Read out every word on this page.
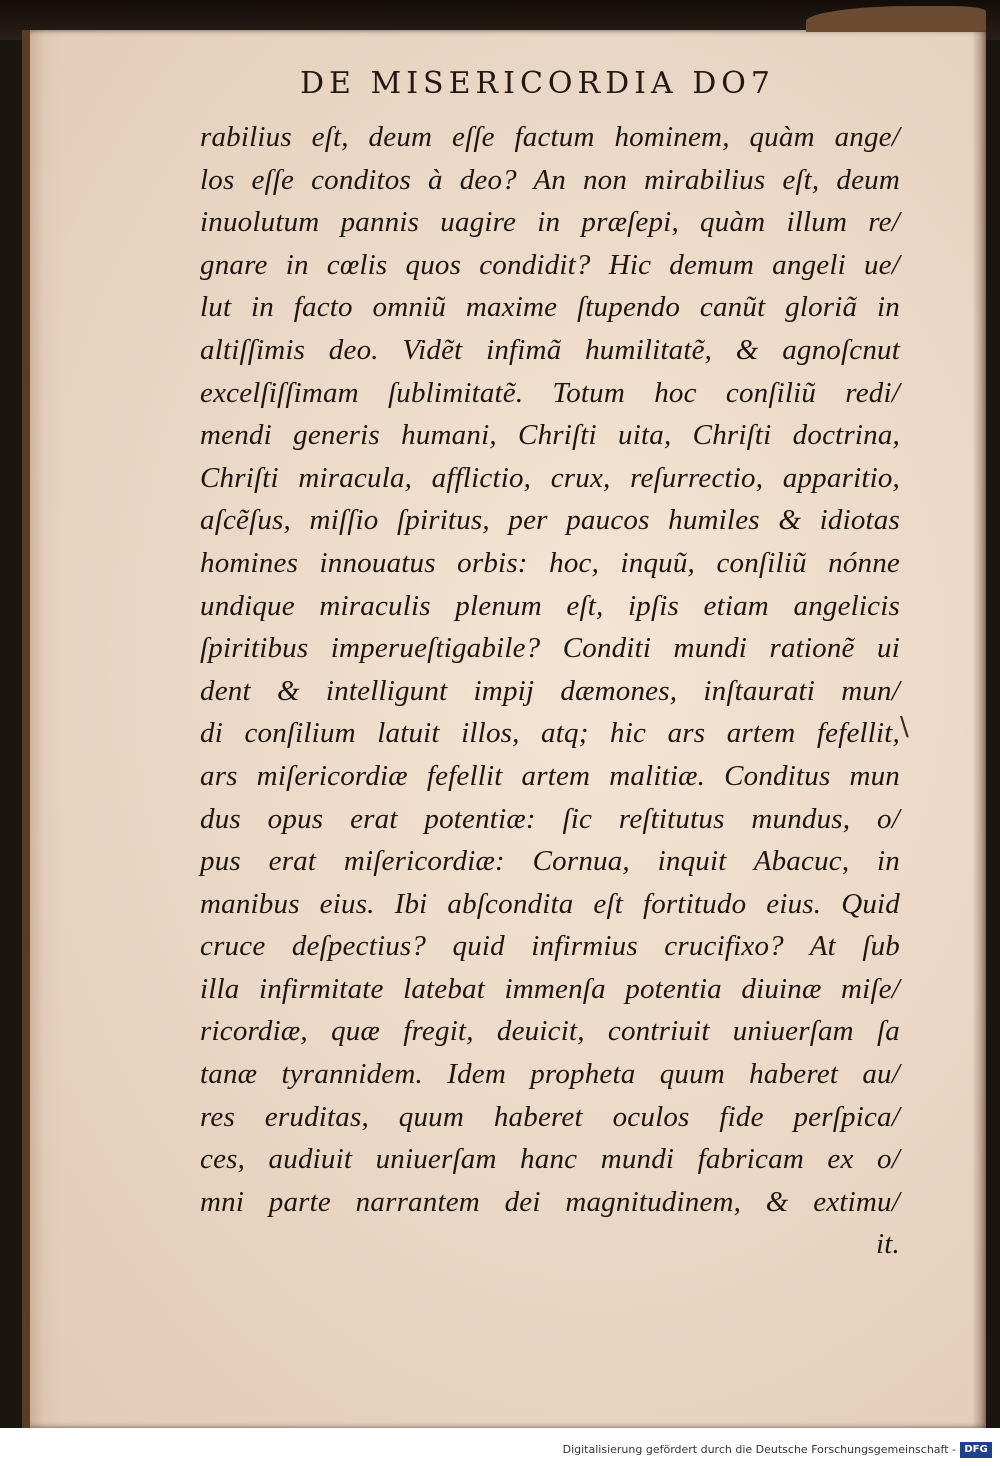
DE MISERICORDIA DO7
rabilius eſt, deum eſſe factum hominem, quàm ange/
los eſſe conditos à deo? An non mirabilius eſt, deum
inuolutum pannis uagire in præſepi, quàm illum re/
gnare in cœlis quos condidit? Hic demum angeli ue/
lut in facto omniũ maxime ſtupendo canũt gloriã in
altiſſimis deo. Vidẽt infimã humilitatẽ, & agnoſcnut
excelſiſſimam ſublimitatẽ. Totum hoc conſiliũ redi/
mendi generis humani, Chriſti uita, Chriſti doctrina,
Chriſti miracula, afflictio, crux, reſurrectio, apparitio,
aſcẽſus, miſſio ſpiritus, per paucos humiles & idiotas
homines innouatus orbis: hoc, inquũ, conſiliũ nónne
undique miraculis plenum eſt, ipſis etiam angelicis
ſpiritibus imperueſtigabile? Conditi mundi rationẽ ui
dent & intelligunt impij dæmones, inſtaurati mun/
di conſilium latuit illos, atq; hic ars artem fefellit,
ars miſericordiæ fefellit artem malitiæ. Conditus mun
dus opus erat potentiæ: ſic reſtitutus mundus, o/
pus erat miſericordiæ: Cornua, inquit Abacuc, in
manibus eius. Ibi abſcondita eſt fortitudo eius. Quid
cruce deſpectius? quid infirmius crucifixo? At ſub
illa infirmitate latebat immenſa potentia diuinæ miſe/
ricordiæ, quæ fregit, deuicit, contriuit uniuerſam ſa
tanæ tyrannidem. Idem propheta quum haberet au/
res eruditas, quum haberet oculos fide perſpica/
ces, audiuit uniuerſam hanc mundi fabricam ex o/
mni parte narrantem dei magnitudinem, & extimu/
it.
\
Digitalisierung gefördert durch die Deutsche Forschungsgemeinschaft - DFG
